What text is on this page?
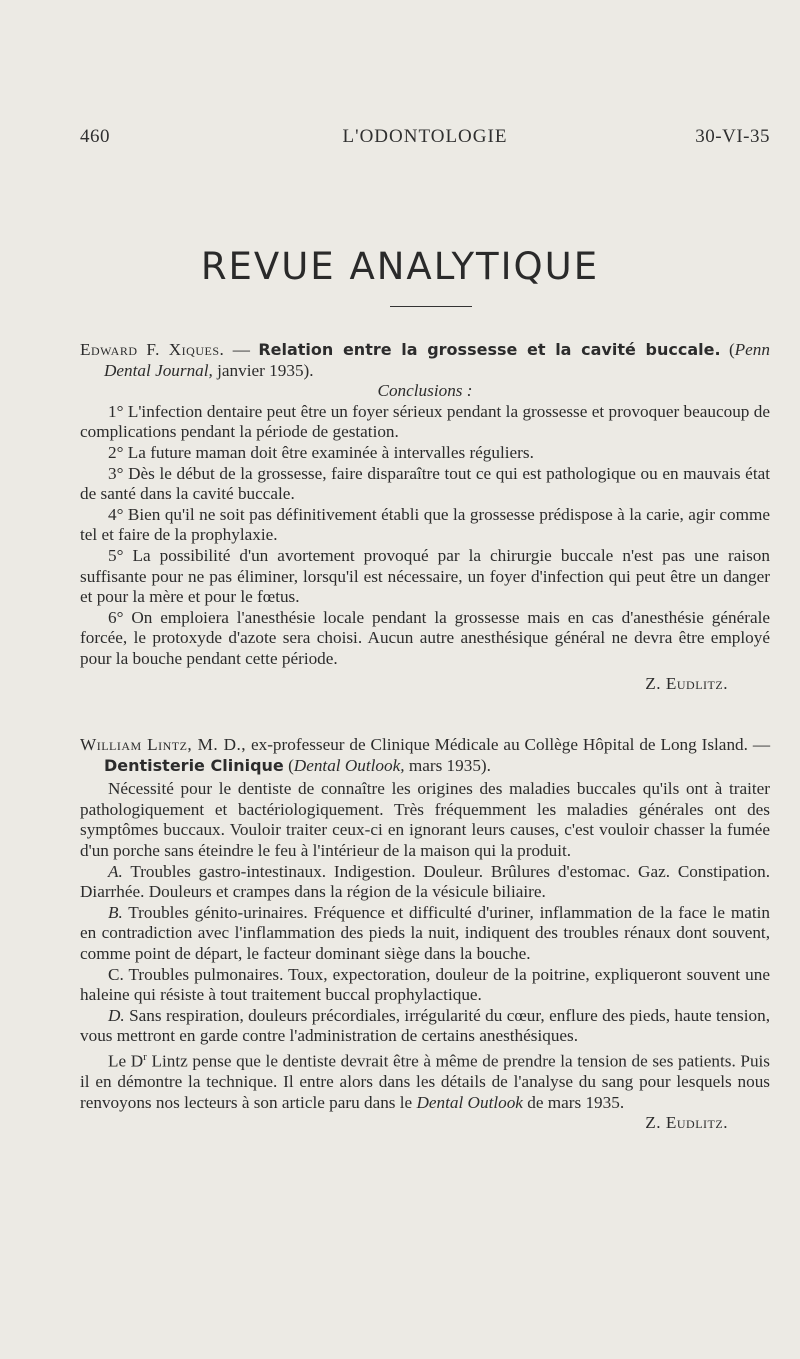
460	L'ODONTOLOGIE	30-VI-35
REVUE ANALYTIQUE

Edward F. Xiques. — Relation entre la grossesse et la cavité buccale. (Penn Dental Journal, janvier 1935).

Conclusions :

1° L'infection dentaire peut être un foyer sérieux pendant la grossesse et provoquer beaucoup de complications pendant la période de gestation.

2° La future maman doit être examinée à intervalles réguliers.

3° Dès le début de la grossesse, faire disparaître tout ce qui est pathologique ou en mauvais état de santé dans la cavité buccale.

4° Bien qu'il ne soit pas définitivement établi que la grossesse prédispose à la carie, agir comme tel et faire de la prophylaxie.

5° La possibilité d'un avortement provoqué par la chirurgie buccale n'est pas une raison suffisante pour ne pas éliminer, lorsqu'il est nécessaire, un foyer d'infection qui peut être un danger et pour la mère et pour le fœtus.

6° On emploiera l'anesthésie locale pendant la grossesse mais en cas d'anesthésie générale forcée, le protoxyde d'azote sera choisi. Aucun autre anesthésique général ne devra être employé pour la bouche pendant cette période.

Z. Eudlitz.

William Lintz, M. D., ex-professeur de Clinique Médicale au Collège Hôpital de Long Island. — Dentisterie Clinique (Dental Outlook, mars 1935).

Nécessité pour le dentiste de connaître les origines des maladies buccales qu'ils ont à traiter pathologiquement et bactériologiquement. Très fréquemment les maladies générales ont des symptômes buccaux. Vouloir traiter ceux-ci en ignorant leurs causes, c'est vouloir chasser la fumée d'un porche sans éteindre le feu à l'intérieur de la maison qui la produit.

A. Troubles gastro-intestinaux. Indigestion. Douleur. Brûlures d'estomac. Gaz. Constipation. Diarrhée. Douleurs et crampes dans la région de la vésicule biliaire.

B. Troubles génito-urinaires. Fréquence et difficulté d'uriner, inflammation de la face le matin en contradiction avec l'inflammation des pieds la nuit, indiquent des troubles rénaux dont souvent, comme point de départ, le facteur dominant siège dans la bouche.

C. Troubles pulmonaires. Toux, expectoration, douleur de la poitrine, expliqueront souvent une haleine qui résiste à tout traitement buccal prophylactique.

D. Sans respiration, douleurs précordiales, irrégularité du cœur, enflure des pieds, haute tension, vous mettront en garde contre l'administration de certains anesthésiques.

Le $D^r$ Lintz pense que le dentiste devrait être à même de prendre la tension de ses patients. Puis il en démontre la technique. Il entre alors dans les détails de l'analyse du sang pour lesquels nous renvoyons nos lecteurs à son article paru dans le Dental Outlook de mars 1935.

Z. Eudlitz.
